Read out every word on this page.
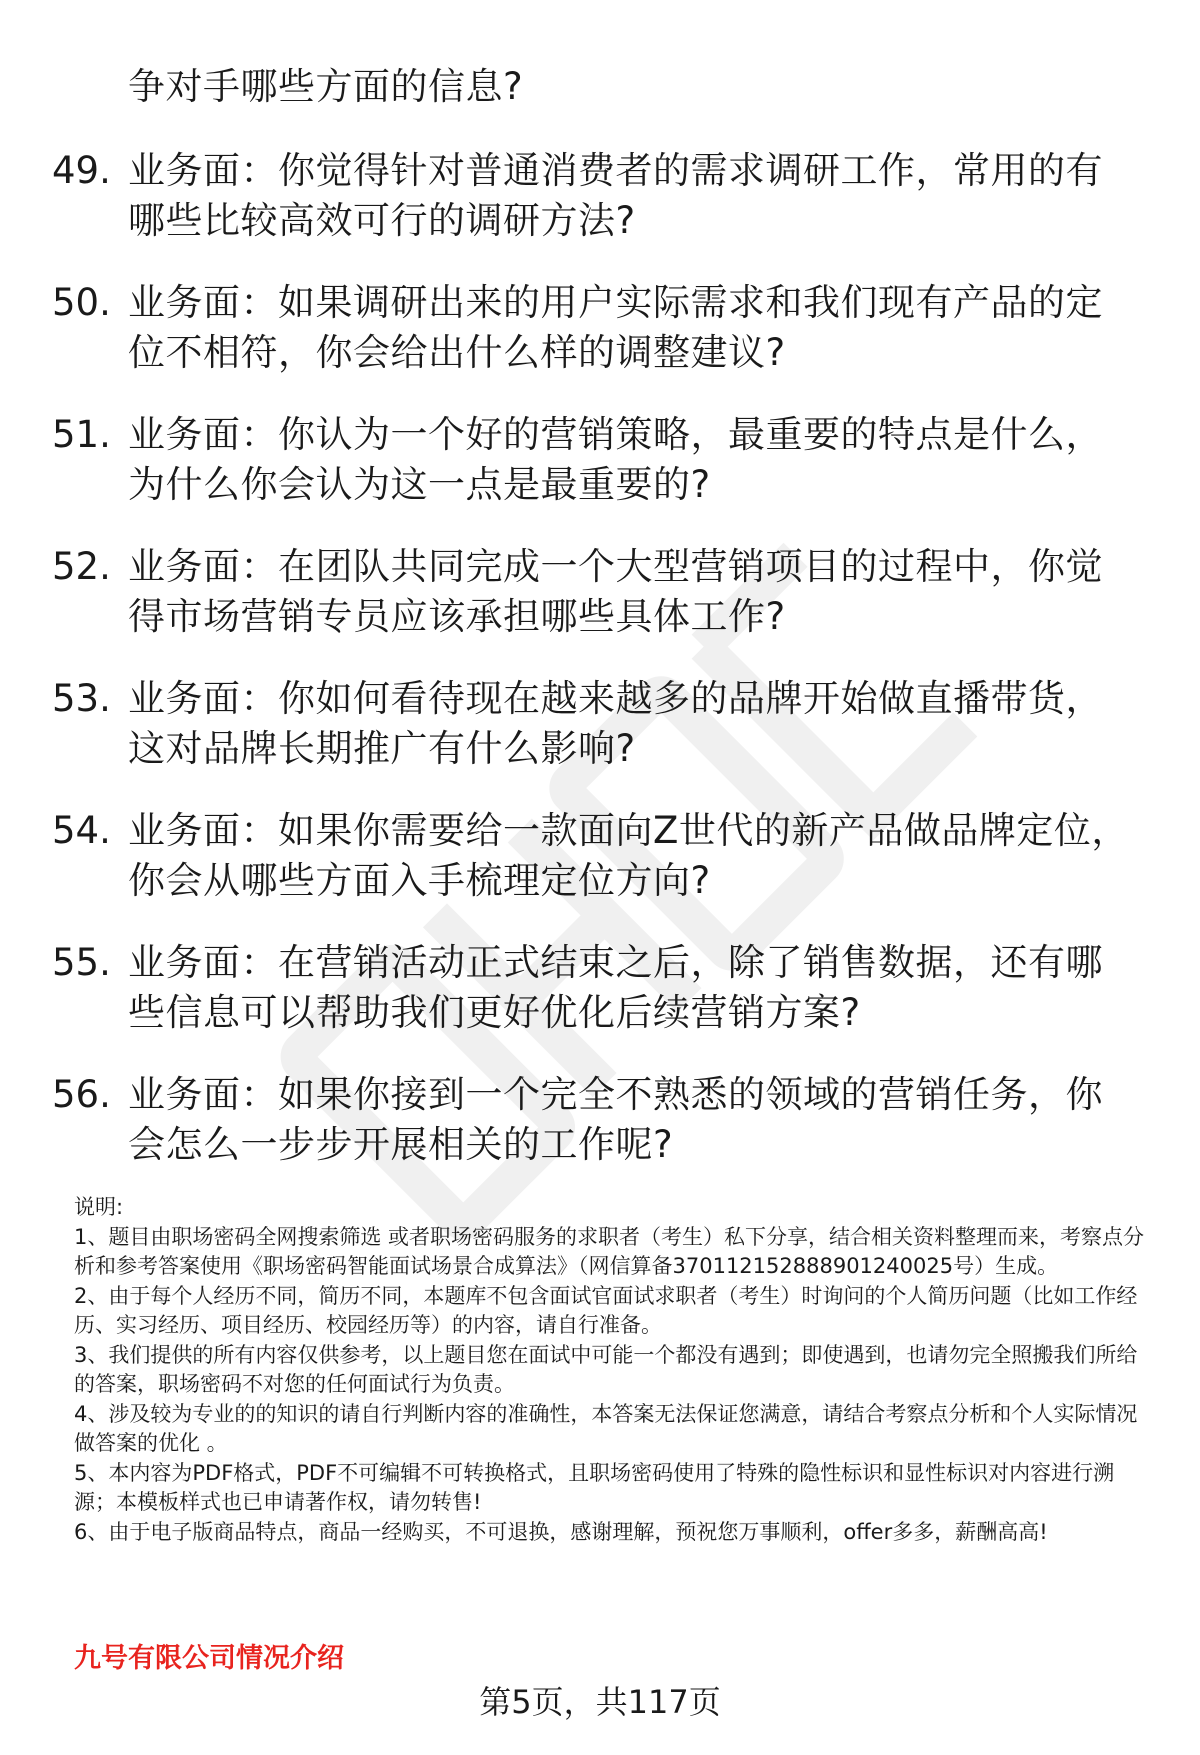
争对手哪些方面的信息?
49. 业务面：你觉得针对普通消费者的需求调研工作，常用的有哪些比较高效可行的调研方法?
50. 业务面：如果调研出来的用户实际需求和我们现有产品的定位不相符，你会给出什么样的调整建议?
51. 业务面：你认为一个好的营销策略，最重要的特点是什么，为什么你会认为这一点是最重要的?
52. 业务面：在团队共同完成一个大型营销项目的过程中，你觉得市场营销专员应该承担哪些具体工作?
53. 业务面：你如何看待现在越来越多的品牌开始做直播带货，这对品牌长期推广有什么影响?
54. 业务面：如果你需要给一款面向Z世代的新产品做品牌定位，你会从哪些方面入手梳理定位方向?
55. 业务面：在营销活动正式结束之后，除了销售数据，还有哪些信息可以帮助我们更好优化后续营销方案?
56. 业务面：如果你接到一个完全不熟悉的领域的营销任务，你会怎么一步步开展相关的工作呢?

说明:

1、题目由职场密码全网搜索筛选 或者职场密码服务的求职者（考生）私下分享，结合相关资料整理而来，考察点分析和参考答案使用《职场密码智能面试场景合成算法》（网信算备370112152888901240025号）生成。

2、由于每个人经历不同，简历不同，本题库不包含面试官面试求职者（考生）时询问的个人简历问题（比如工作经历、实习经历、项目经历、校园经历等）的内容，请自行准备。

3、我们提供的所有内容仅供参考，以上题目您在面试中可能一个都没有遇到；即使遇到，也请勿完全照搬我们所给的答案，职场密码不对您的任何面试行为负责。

4、涉及较为专业的的知识的请自行判断内容的准确性，本答案无法保证您满意，请结合考察点分析和个人实际情况做答案的优化 。

5、本内容为PDF格式，PDF不可编辑不可转换格式，且职场密码使用了特殊的隐性标识和显性标识对内容进行溯源；本模板样式也已申请著作权，请勿转售!

6、由于电子版商品特点，商品一经购买，不可退换，感谢理解，预祝您万事顺利，offer多多，薪酬高高!

九号有限公司情况介绍
第5页，共117页
